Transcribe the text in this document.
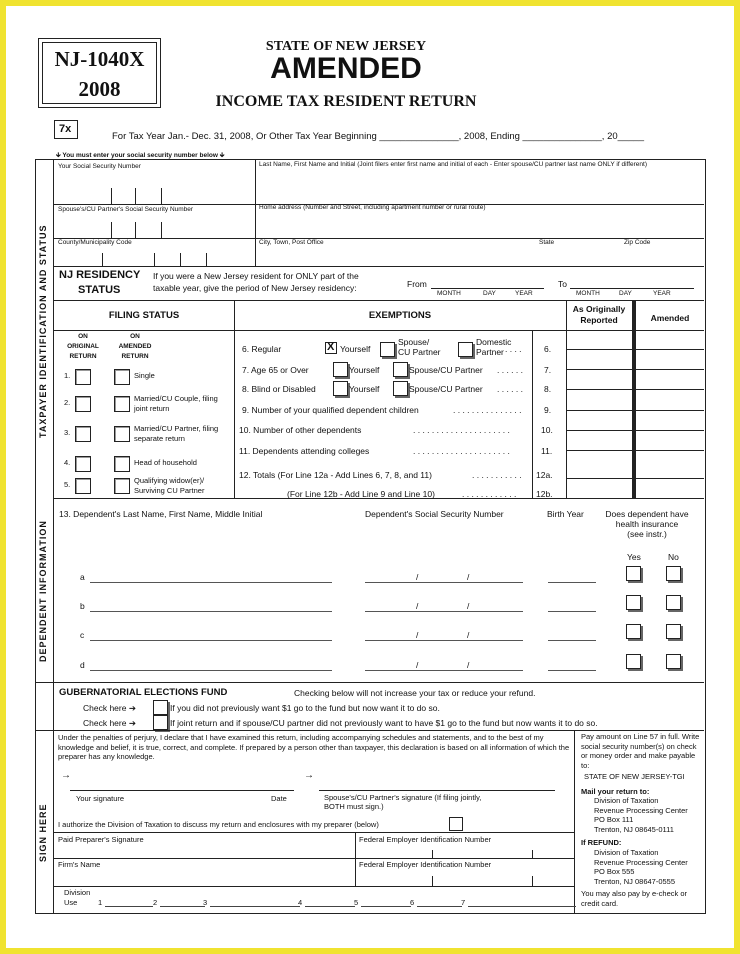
NJ-1040X
2008
STATE OF NEW JERSEY
AMENDED
INCOME TAX RESIDENT RETURN
7x
For Tax Year Jan.- Dec. 31, 2008, Or Other Tax Year Beginning _______________, 2008, Ending _______________, 20_____
🡳 You must enter your social security number below 🡳
TAXPAYER IDENTIFICATION AND STATUS
DEPENDENT INFORMATION
SIGN HERE
Your Social Security Number	Last Name, First Name and Initial (Joint filers enter first name and initial of each - Enter spouse/CU partner last name ONLY if different)
Spouse's/CU Partner's Social Security Number	Home address (Number and Street, including apartment number or rural route)
County/Municipality Code	City, Town, Post Office	State	Zip Code
NJ RESIDENCY
STATUS
If you were a New Jersey resident for ONLY part of the
taxable year, give the period of New Jersey residency:	From
MONTH	DAY	YEAR
To
MONTH	DAY	YEAR
FILING STATUS	EXEMPTIONS
As Originally
Reported	Amended
ON
ORIGINAL
RETURN
ON
AMENDED
RETURN
1.	Single
2.	Married/CU Couple, filing
joint return
3.	Married/CU Partner, filing
separate return
4.	Head of household
5.	Qualifying widow(er)/
Surviving CU Partner
6. Regular	X Yourself
Spouse/
CU Partner
Domestic
Partner . . . .	6.
7. Age 65 or Over	Yourself	Spouse/CU Partner . . . . . . 7.
8. Blind or Disabled	Yourself	Spouse/CU Partner . . . . . . 8.
9. Number of your qualified dependent children	. . . . . . . . . . . . . . .	9.
10. Number of other dependents	. . . . . . . . . . . . . . . . . . . . .	10.
11. Dependents attending colleges	. . . . . . . . . . . . . . . . . . . . .	11.
12. Totals (For Line 12a - Add Lines 6, 7, 8, and 11)	. . . . . . . . . . . 12a.
(For Line 12b - Add Line 9 and Line 10)	. . . . . . . . . . . . 12b.
13. Dependent's Last Name, First Name, Middle Initial	Dependent's Social Security Number	Birth Year	Does dependent have
health insurance
(see instr.)
Yes	No
a	/	/
b	/	/
c	/	/
d	/	/
GUBERNATORIAL ELECTIONS FUND	Checking below will not increase your tax or reduce your refund.
Check here ➔	If you did not previously want $1 go to the fund but now want it to do so.
Check here ➔	If joint return and if spouse/CU partner did not previously want to have $1 go to the fund but now wants it to do so.
Under the penalties of perjury, I declare that I have examined this return, including accompanying schedules and statements, and to the best of my knowledge and belief, it is true, correct, and complete. If prepared by a person other than taxpayer, this declaration is based on all information of which the preparer has any knowledge.
→	→
Your signature	Date	Spouse's/CU Partner's signature (If filing jointly,
BOTH must sign.)
I authorize the Division of Taxation to discuss my return and enclosures with my preparer (below)
Paid Preparer's Signature	Federal Employer Identification Number
Firm's Name	Federal Employer Identification Number
Division
Use	1	2	3	4	5	6	7
Pay amount on Line 57 in full. Write social security number(s) on check or money order and make payable to:
STATE OF NEW JERSEY-TGI
Mail your return to:
Division of Taxation
Revenue Processing Center
PO Box 111
Trenton, NJ 08645-0111
If REFUND:
Division of Taxation
Revenue Processing Center
PO Box 555
Trenton, NJ 08647-0555
You may also pay by e-check or credit card.
